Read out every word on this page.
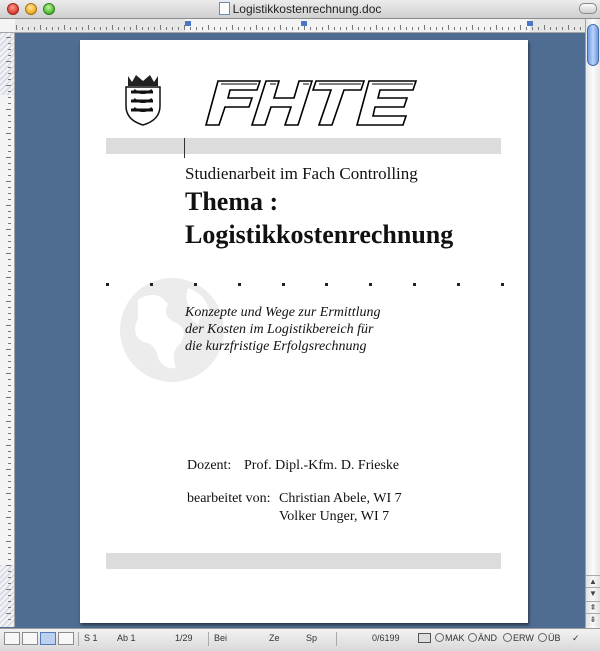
Logistikkostenrechnung.doc
▲
▼
⇞
⇟
Studienarbeit im Fach Controlling
Thema :
Logistikkostenrechnung
Konzepte und Wege zur Ermittlung
der Kosten im Logistikbereich für
die kurzfristige Erfolgsrechnung
Dozent: Prof. Dipl.-Kfm. D. Frieske
bearbeitet von: Christian Abele, WI 7
Volker Unger, WI 7
S 1 Ab 1	1/29 Bei	Ze	Sp	0/6199	MAK	ÄND	ERW	ÜB ✓
